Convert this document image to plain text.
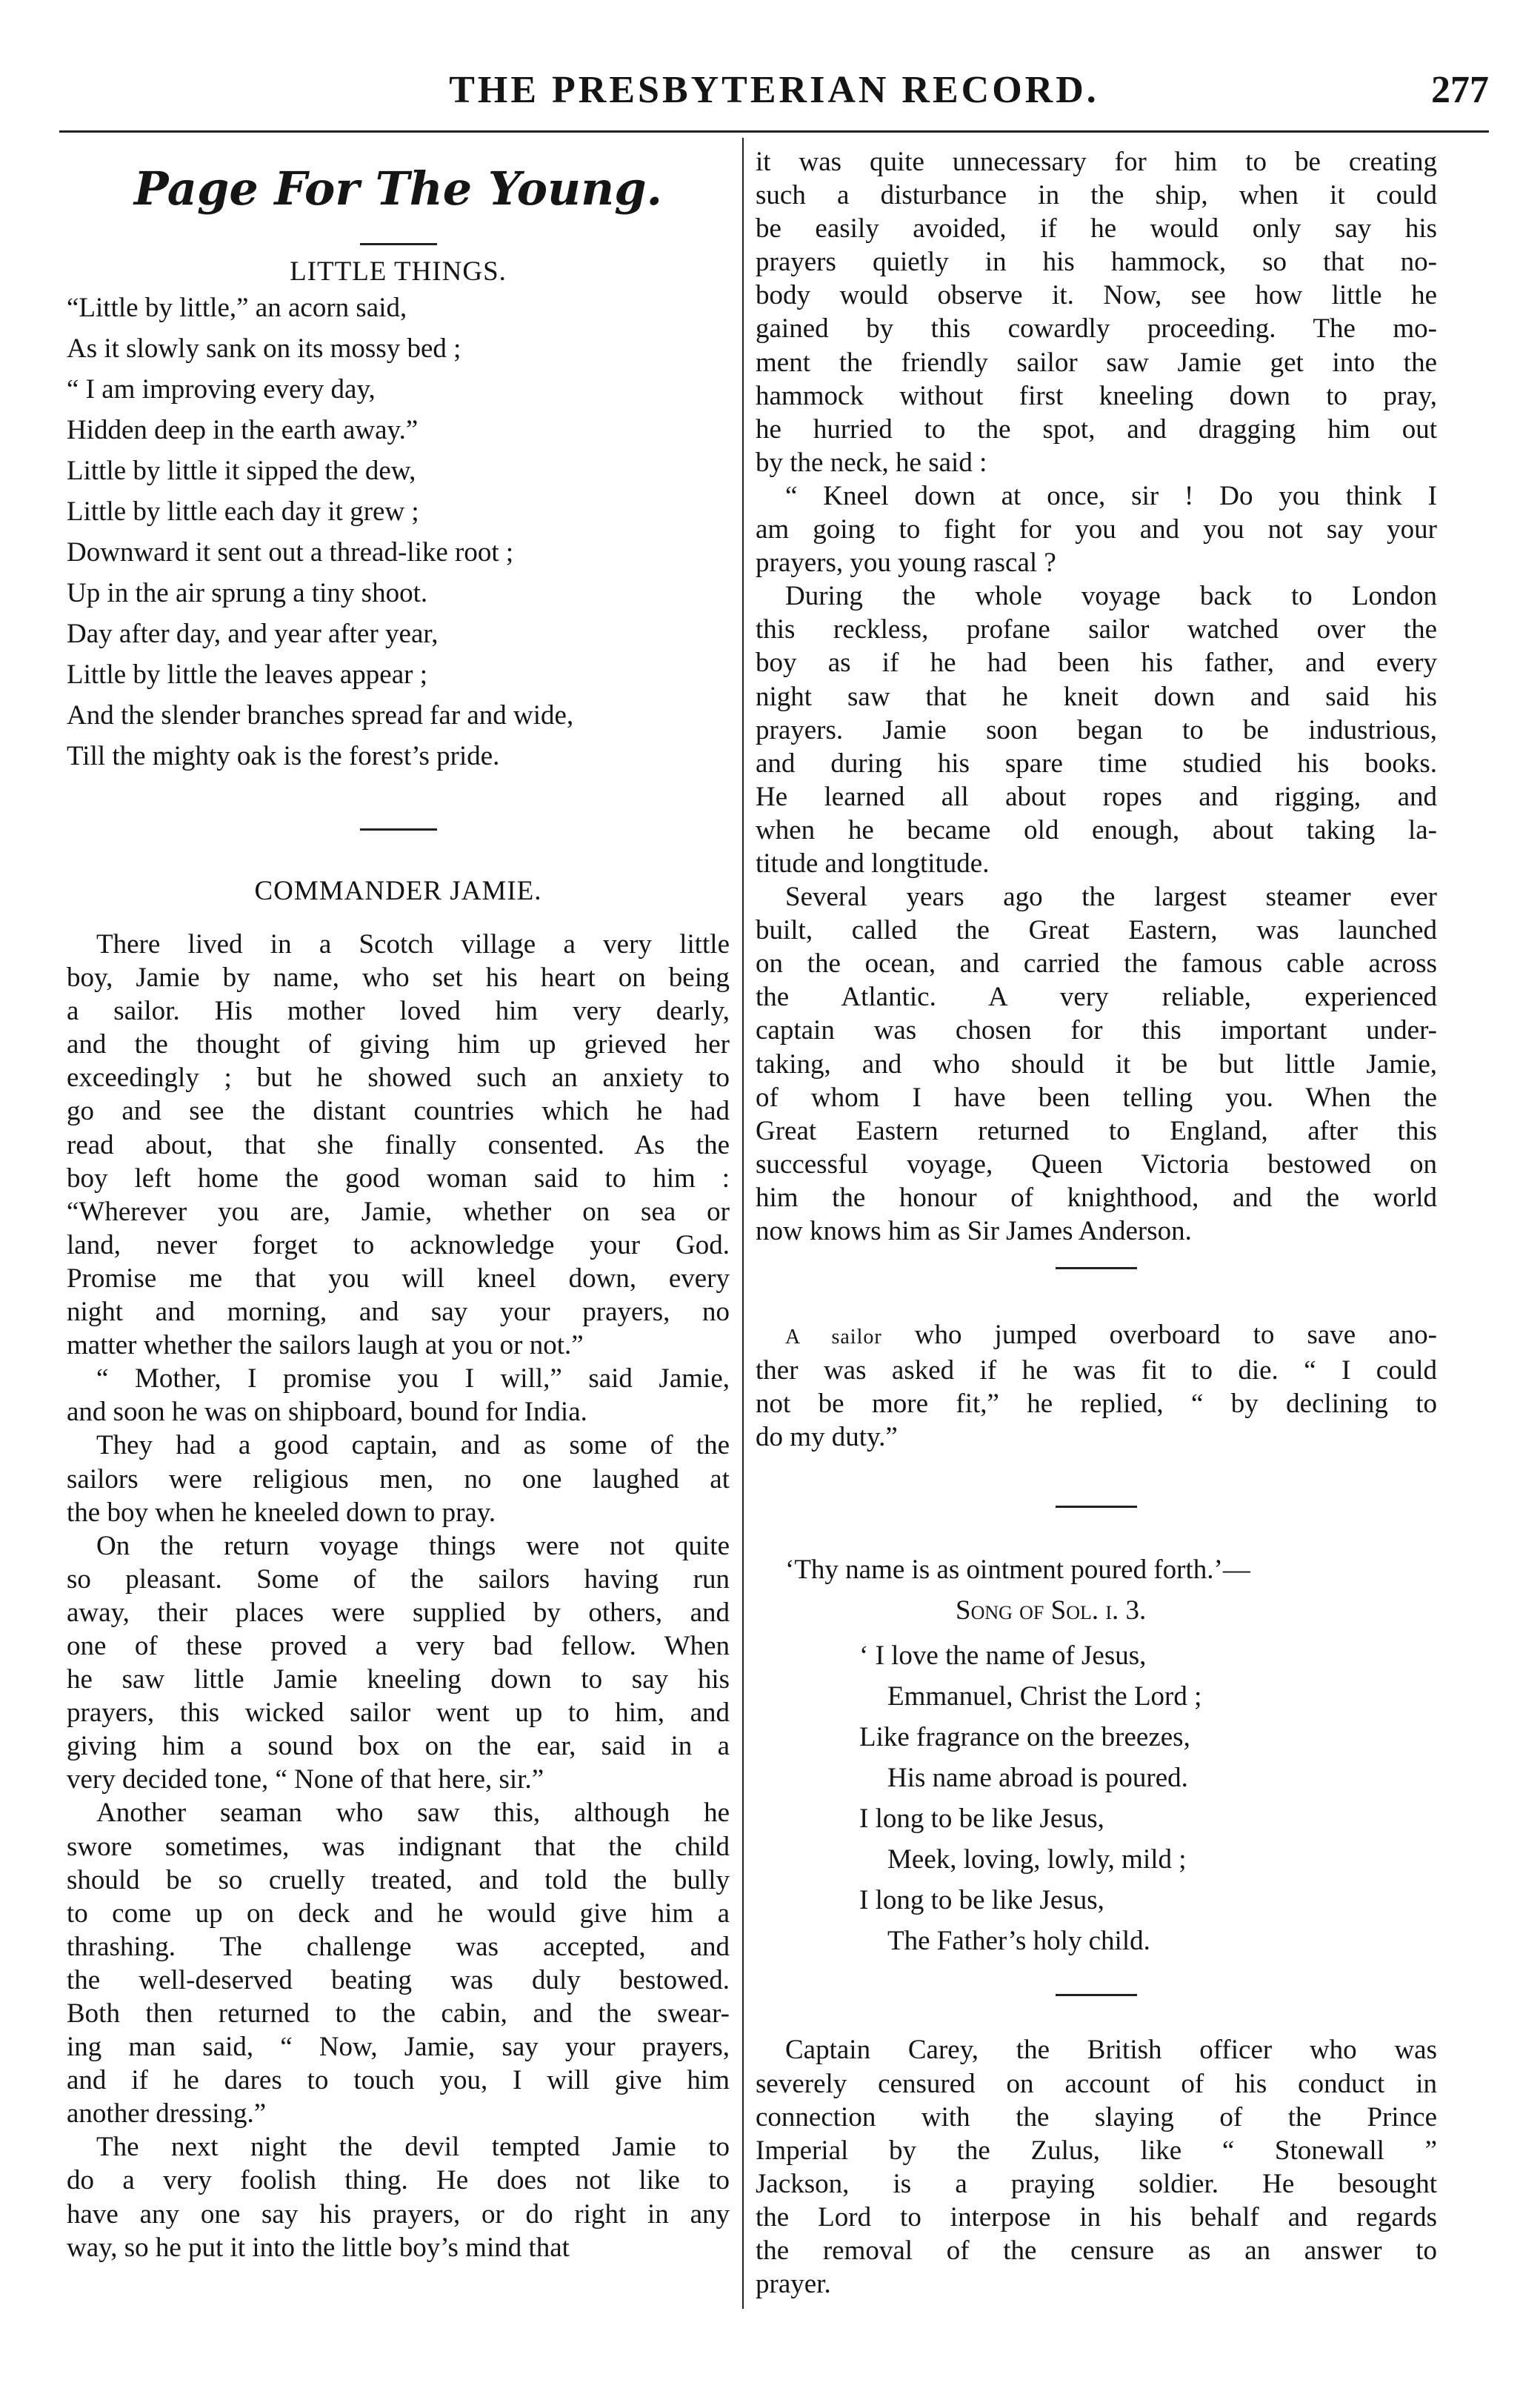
THE PRESBYTERIAN RECORD.	277
Page For The Young.
LITTLE THINGS.
“Little by little,” an acorn said,
As it slowly sank on its mossy bed ;
“ I am improving every day,
Hidden deep in the earth away.”
Little by little it sipped the dew,
Little by little each day it grew ;
Downward it sent out a thread-like root ;
Up in the air sprung a tiny shoot.
Day after day, and year after year,
Little by little the leaves appear ;
And the slender branches spread far and wide,
Till the mighty oak is the forest’s pride.
COMMANDER JAMIE.
There lived in a Scotch village a very little
boy, Jamie by name, who set his heart on being
a sailor. His mother loved him very dearly,
and the thought of giving him up grieved her
exceedingly ; but he showed such an anxiety to
go and see the distant countries which he had
read about, that she finally consented. As the
boy left home the good woman said to him :
“Wherever you are, Jamie, whether on sea or
land, never forget to acknowledge your God.
Promise me that you will kneel down, every
night and morning, and say your prayers, no
matter whether the sailors laugh at you or not.”
“ Mother, I promise you I will,” said Jamie,
and soon he was on shipboard, bound for India.
They had a good captain, and as some of the
sailors were religious men, no one laughed at
the boy when he kneeled down to pray.
On the return voyage things were not quite
so pleasant. Some of the sailors having run
away, their places were supplied by others, and
one of these proved a very bad fellow. When
he saw little Jamie kneeling down to say his
prayers, this wicked sailor went up to him, and
giving him a sound box on the ear, said in a
very decided tone, “ None of that here, sir.”
Another seaman who saw this, although he
swore sometimes, was indignant that the child
should be so cruelly treated, and told the bully
to come up on deck and he would give him a
thrashing. The challenge was accepted, and
the well-deserved beating was duly bestowed.
Both then returned to the cabin, and the swear-
ing man said, “ Now, Jamie, say your prayers,
and if he dares to touch you, I will give him
another dressing.”
The next night the devil tempted Jamie to
do a very foolish thing. He does not like to
have any one say his prayers, or do right in any
way, so he put it into the little boy’s mind that
it was quite unnecessary for him to be creating
such a disturbance in the ship, when it could
be easily avoided, if he would only say his
prayers quietly in his hammock, so that no-
body would observe it. Now, see how little he
gained by this cowardly proceeding. The mo-
ment the friendly sailor saw Jamie get into the
hammock without first kneeling down to pray,
he hurried to the spot, and dragging him out
by the neck, he said :
“ Kneel down at once, sir ! Do you think I
am going to fight for you and you not say your
prayers, you young rascal ?
During the whole voyage back to London
this reckless, profane sailor watched over the
boy as if he had been his father, and every
night saw that he kneit down and said his
prayers. Jamie soon began to be industrious,
and during his spare time studied his books.
He learned all about ropes and rigging, and
when he became old enough, about taking la-
titude and longtitude.
Several years ago the largest steamer ever
built, called the Great Eastern, was launched
on the ocean, and carried the famous cable across
the Atlantic. A very reliable, experienced
captain was chosen for this important under-
taking, and who should it be but little Jamie,
of whom I have been telling you. When the
Great Eastern returned to England, after this
successful voyage, Queen Victoria bestowed on
him the honour of knighthood, and the world
now knows him as Sir James Anderson.
A sailor who jumped overboard to save ano-
ther was asked if he was fit to die. “ I could
not be more fit,” he replied, “ by declining to
do my duty.”
‘Thy name is as ointment poured forth.’—
Song of Sol. i. 3.
‘ I love the name of Jesus,
Emmanuel, Christ the Lord ;
Like fragrance on the breezes,
His name abroad is poured.
I long to be like Jesus,
Meek, loving, lowly, mild ;
I long to be like Jesus,
The Father’s holy child.
Captain Carey, the British officer who was
severely censured on account of his conduct in
connection with the slaying of the Prince
Imperial by the Zulus, like “ Stonewall ”
Jackson, is a praying soldier. He besought
the Lord to interpose in his behalf and regards
the removal of the censure as an answer to
prayer.
